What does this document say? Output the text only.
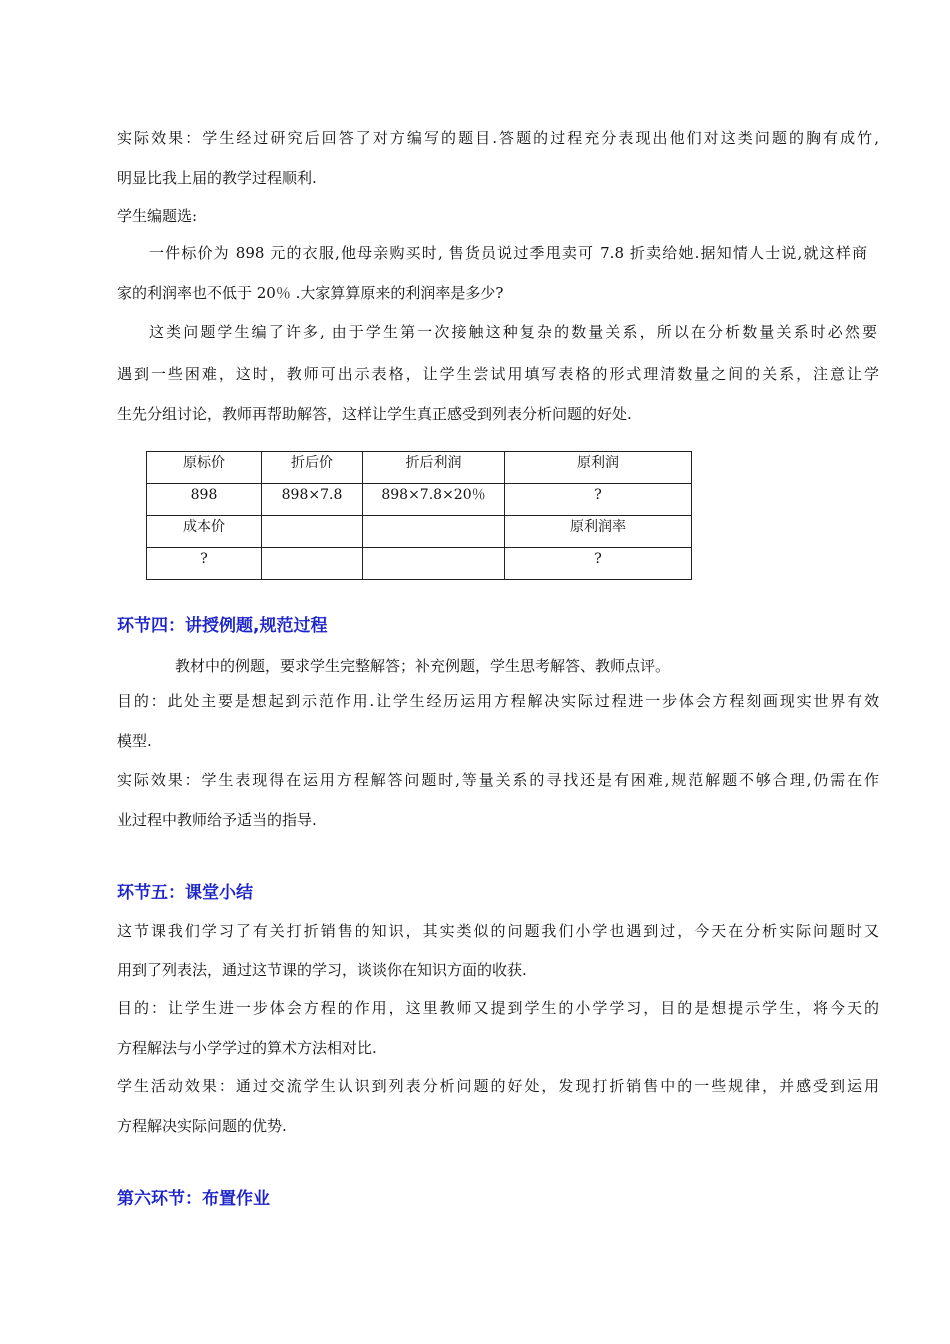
实际效果：学生经过研究后回答了对方编写的题目.答题的过程充分表现出他们对这类问题的胸有成竹,
明显比我上届的教学过程顺利.
学生编题选:
一件标价为 898 元的衣服,他母亲购买时, 售货员说过季甩卖可 7.8 折卖给她.据知情人士说,就这样商
家的利润率也不低于 20％ .大家算算原来的利润率是多少?
这类问题学生编了许多, 由于学生第一次接触这种复杂的数量关系，所以在分析数量关系时必然要
遇到一些困难，这时，教师可出示表格，让学生尝试用填写表格的形式理清数量之间的关系，注意让学
生先分组讨论，教师再帮助解答，这样让学生真正感受到列表分析问题的好处.
原标价	折后价	折后利润	原利润
898	898×7.8	898×7.8×20％	?
成本价			原利润率
?			?
环节四：讲授例题,规范过程
教材中的例题，要求学生完整解答；补充例题，学生思考解答、教师点评。
目的：此处主要是想起到示范作用.让学生经历运用方程解决实际过程进一步体会方程刻画现实世界有效
模型.
实际效果：学生表现得在运用方程解答问题时,等量关系的寻找还是有困难,规范解题不够合理,仍需在作
业过程中教师给予适当的指导.
环节五：课堂小结
这节课我们学习了有关打折销售的知识，其实类似的问题我们小学也遇到过，今天在分析实际问题时又
用到了列表法，通过这节课的学习，谈谈你在知识方面的收获.
目的：让学生进一步体会方程的作用，这里教师又提到学生的小学学习，目的是想提示学生，将今天的
方程解法与小学学过的算术方法相对比.
学生活动效果：通过交流学生认识到列表分析问题的好处，发现打折销售中的一些规律，并感受到运用
方程解决实际问题的优势.
第六环节：布置作业
